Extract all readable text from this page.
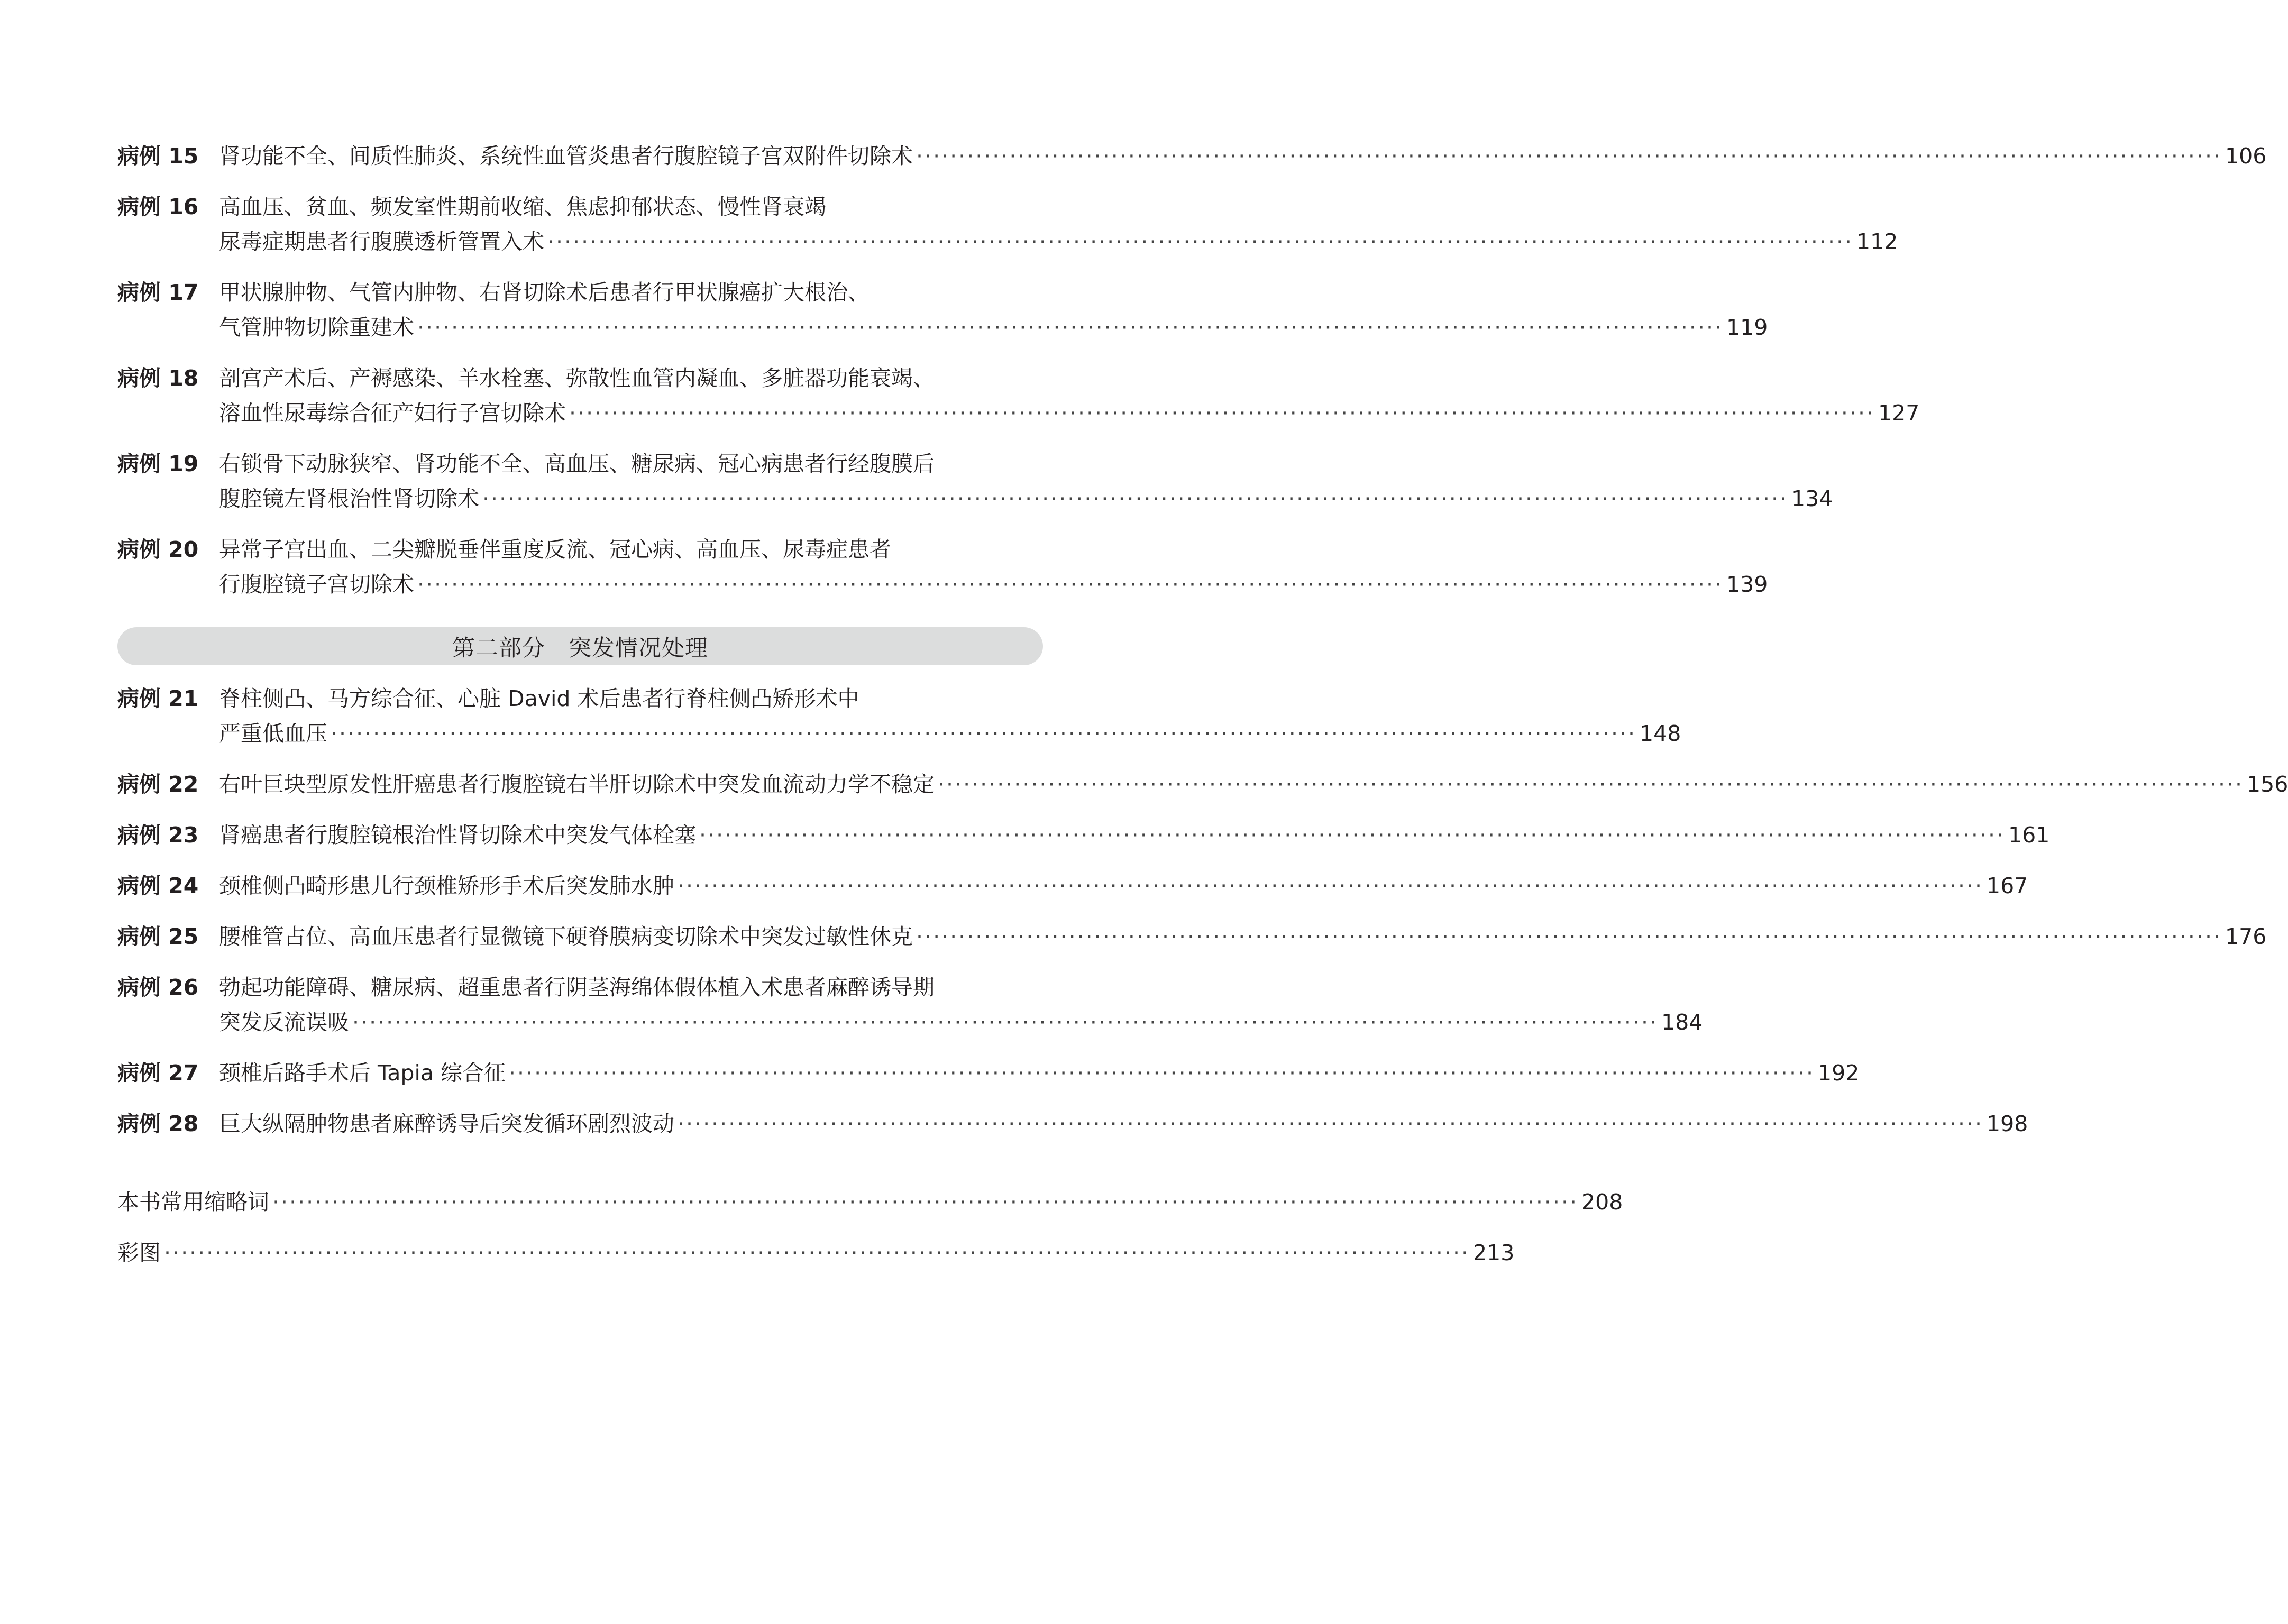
病例 15 肾功能不全、间质性肺炎、系统性血管炎患者行腹腔镜子宫双附件切除术 ·························································································································································· 106
病例 16 高血压、贫血、频发室性期前收缩、焦虑抑郁状态、慢性肾衰竭
尿毒症期患者行腹膜透析管置入术 ·························································································································································· 112
病例 17 甲状腺肿物、气管内肿物、右肾切除术后患者行甲状腺癌扩大根治、
气管肿物切除重建术 ·························································································································································· 119
病例 18 剖宫产术后、产褥感染、羊水栓塞、弥散性血管内凝血、多脏器功能衰竭、
溶血性尿毒综合征产妇行子宫切除术 ·························································································································································· 127
病例 19 右锁骨下动脉狭窄、肾功能不全、高血压、糖尿病、冠心病患者行经腹膜后
腹腔镜左肾根治性肾切除术 ·························································································································································· 134
病例 20 异常子宫出血、二尖瓣脱垂伴重度反流、冠心病、高血压、尿毒症患者
行腹腔镜子宫切除术 ·························································································································································· 139
第二部分　突发情况处理
病例 21 脊柱侧凸、马方综合征、心脏 David 术后患者行脊柱侧凸矫形术中
严重低血压 ·························································································································································· 148
病例 22 右叶巨块型原发性肝癌患者行腹腔镜右半肝切除术中突发血流动力学不稳定 ·························································································································································· 156
病例 23 肾癌患者行腹腔镜根治性肾切除术中突发气体栓塞 ·························································································································································· 161
病例 24 颈椎侧凸畸形患儿行颈椎矫形手术后突发肺水肿 ·························································································································································· 167
病例 25 腰椎管占位、高血压患者行显微镜下硬脊膜病变切除术中突发过敏性休克 ·························································································································································· 176
病例 26 勃起功能障碍、糖尿病、超重患者行阴茎海绵体假体植入术患者麻醉诱导期
突发反流误吸 ·························································································································································· 184
病例 27 颈椎后路手术后 Tapia 综合征 ·························································································································································· 192
病例 28 巨大纵隔肿物患者麻醉诱导后突发循环剧烈波动 ·························································································································································· 198
本书常用缩略词 ·························································································································································· 208
彩图 ·························································································································································· 213
